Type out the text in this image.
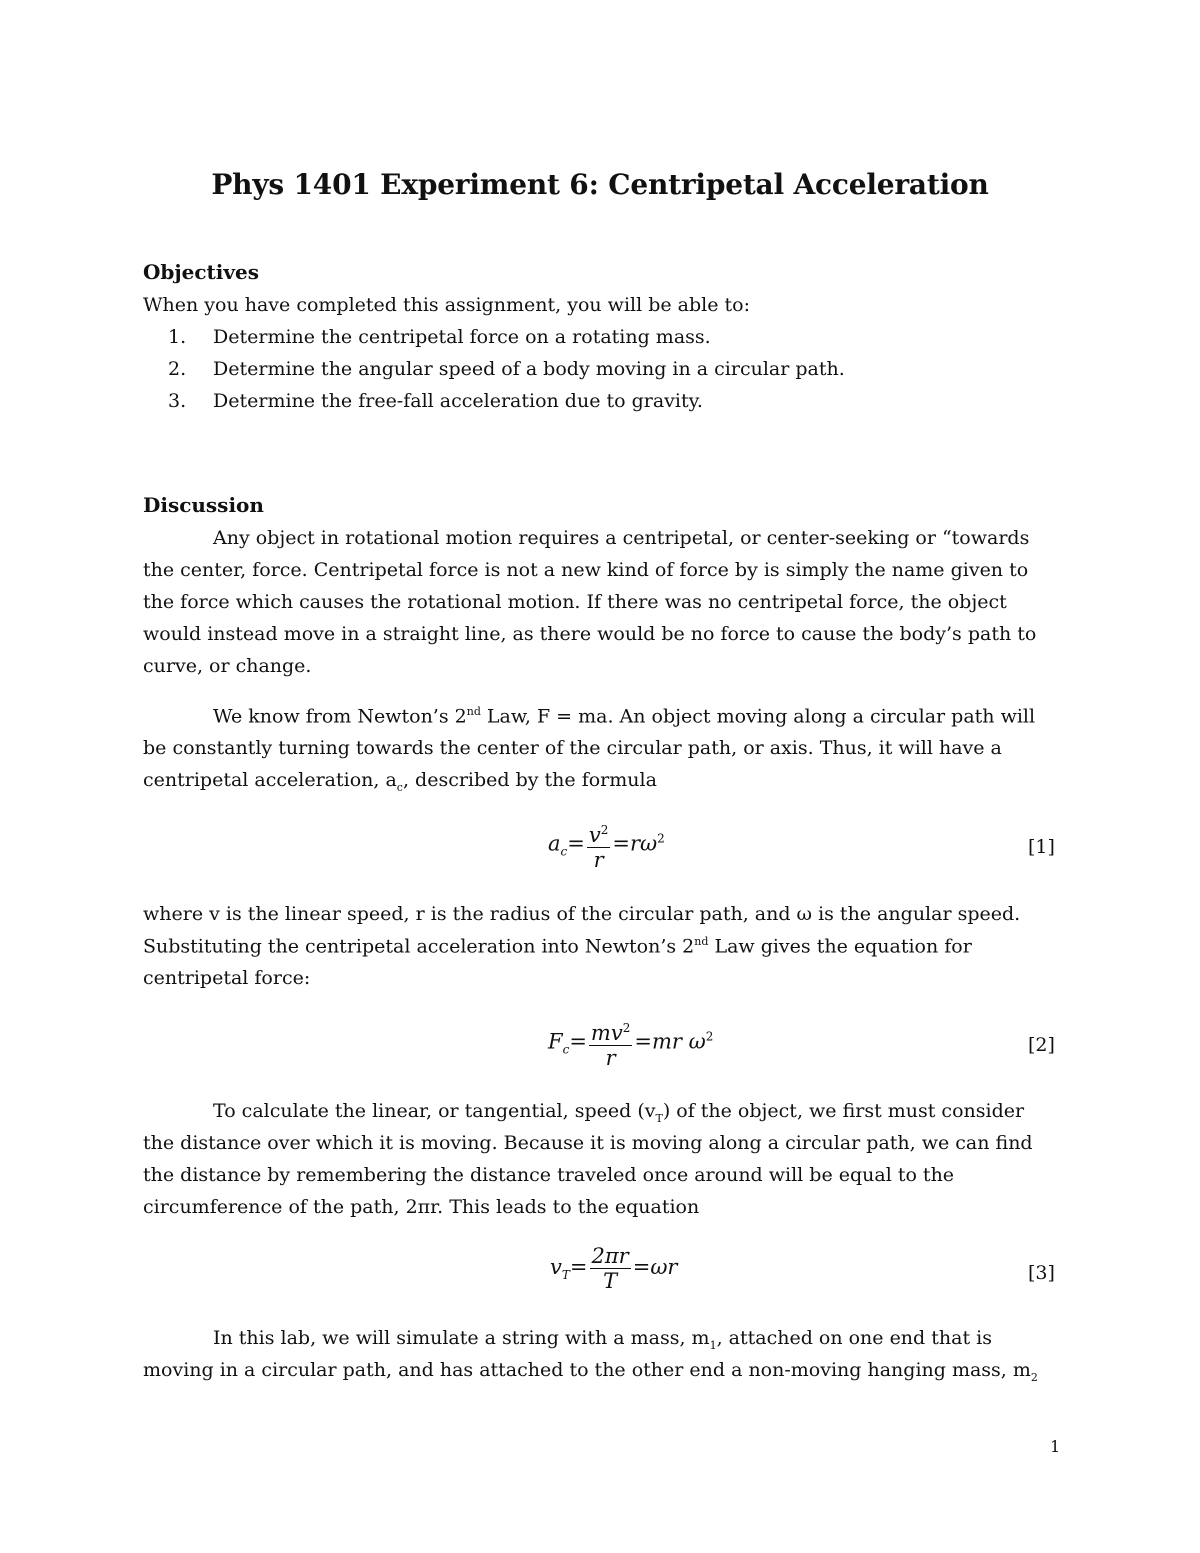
Phys 1401 Experiment 6: Centripetal Acceleration
Objectives
When you have completed this assignment, you will be able to:
1. Determine the centripetal force on a rotating mass.
2. Determine the angular speed of a body moving in a circular path.
3. Determine the free-fall acceleration due to gravity.
Discussion
Any object in rotational motion requires a centripetal, or center-seeking or “towards
the center, force. Centripetal force is not a new kind of force by is simply the name given to
the force which causes the rotational motion. If there was no centripetal force, the object
would instead move in a straight line, as there would be no force to cause the body’s path to
curve, or change.
We know from Newton’s 2nd Law, F = ma. An object moving along a circular path will
be constantly turning towards the center of the circular path, or axis. Thus, it will have a
centripetal acceleration, $a_c$, described by the formula
$a_c= \frac{v^2}{r} =r\omega^2$	[1]
where v is the linear speed, r is the radius of the circular path, and ω is the angular speed.
Substituting the centripetal acceleration into Newton’s 2nd Law gives the equation for
centripetal force:
$F_c= \frac{mv^2}{r} =mr$ $\omega^2$	[2]
To calculate the linear, or tangential, speed $(v_T)$ of the object, we first must consider
the distance over which it is moving. Because it is moving along a circular path, we can find
the distance by remembering the distance traveled once around will be equal to the
circumference of the path, 2πr. This leads to the equation
$v_T= \frac{2\pi r}{T} =\omega r$	[3]
In this lab, we will simulate a string with a mass, $m_1$, attached on one end that is
moving in a circular path, and has attached to the other end a non-moving hanging mass, $m_2$
1
